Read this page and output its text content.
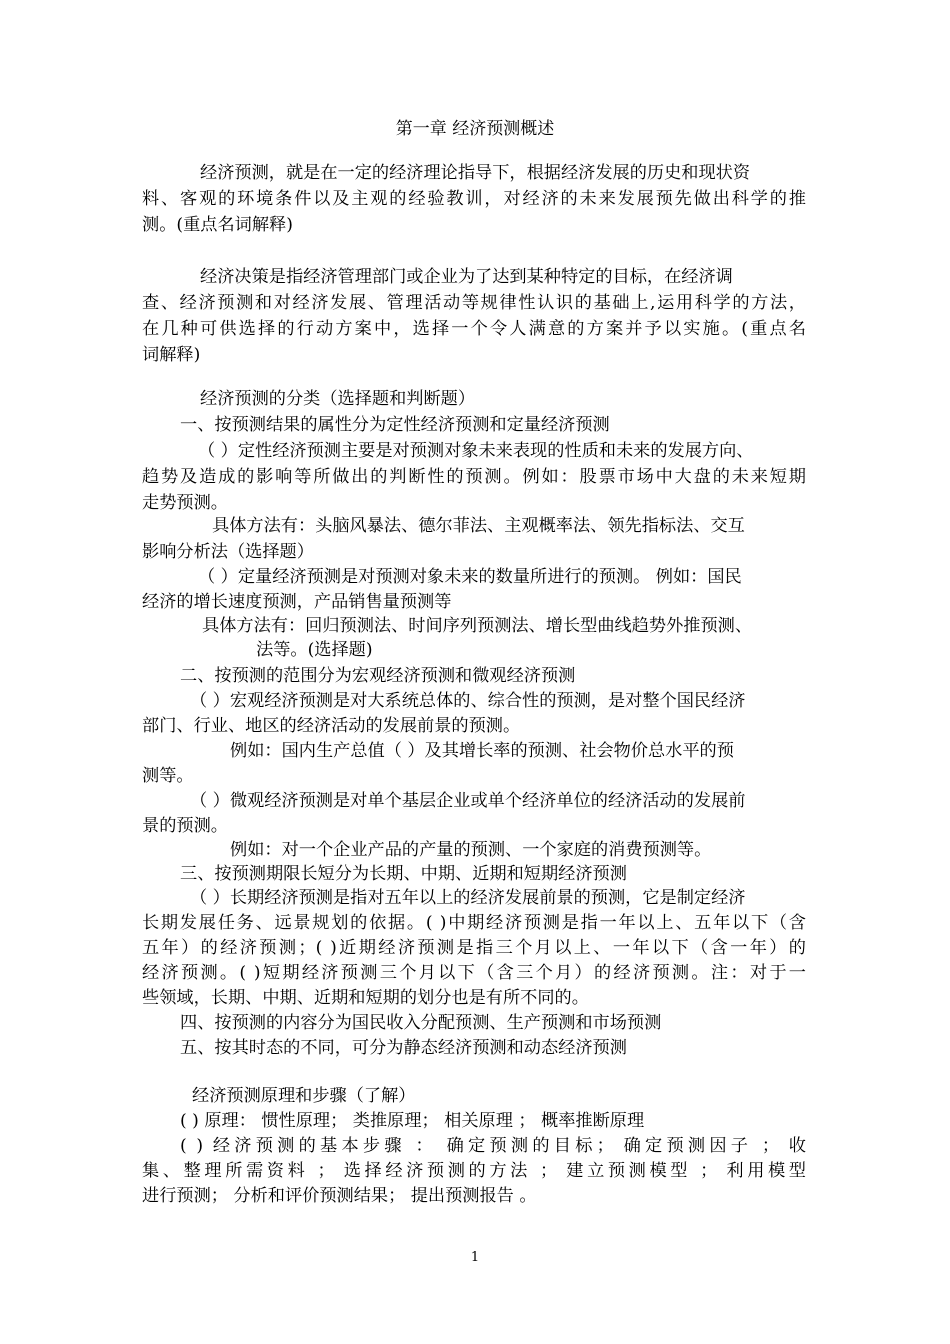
第一章 经济预测概述
经济预测，就是在一定的经济理论指导下，根据经济发展的历史和现状资
料、客观的环境条件以及主观的经验教训，对经济的未来发展预先做出科学的推
测。(重点名词解释)
经济决策是指经济管理部门或企业为了达到某种特定的目标，在经济调
查、经济预测和对经济发展、管理活动等规律性认识的基础上,运用科学的方法，
在几种可供选择的行动方案中，选择一个令人满意的方案并予以实施。(重点名
词解释)
经济预测的分类（选择题和判断题）
一、按预测结果的属性分为定性经济预测和定量经济预测
（ ）定性经济预测主要是对预测对象未来表现的性质和未来的发展方向、
趋势及造成的影响等所做出的判断性的预测。例如：股票市场中大盘的未来短期
走势预测。
具体方法有：头脑风暴法、德尔菲法、主观概率法、领先指标法、交互
影响分析法（选择题）
（ ）定量经济预测是对预测对象未来的数量所进行的预测。 例如：国民
经济的增长速度预测，产品销售量预测等
具体方法有：回归预测法、时间序列预测法、增长型曲线趋势外推预测、
法等。(选择题)
二、按预测的范围分为宏观经济预测和微观经济预测
（ ）宏观经济预测是对大系统总体的、综合性的预测，是对整个国民经济
部门、行业、地区的经济活动的发展前景的预测。
例如：国内生产总值（ ）及其增长率的预测、社会物价总水平的预
测等。
（ ）微观经济预测是对单个基层企业或单个经济单位的经济活动的发展前
景的预测。
例如：对一个企业产品的产量的预测、一个家庭的消费预测等。
三、按预测期限长短分为长期、中期、近期和短期经济预测
（ ）长期经济预测是指对五年以上的经济发展前景的预测，它是制定经济
长期发展任务、远景规划的依据。( )中期经济预测是指一年以上、五年以下（含
五年）的经济预测；( )近期经济预测是指三个月以上、一年以下（含一年）的
经济预测。( )短期经济预测三个月以下（含三个月）的经济预测。注：对于一
些领域，长期、中期、近期和短期的划分也是有所不同的。
四、按预测的内容分为国民收入分配预测、生产预测和市场预测
五、按其时态的不同，可分为静态经济预测和动态经济预测
经济预测原理和步骤（了解）
( ) 原理： 惯性原理； 类推原理； 相关原理 ； 概率推断原理
( ) 经济预测的基本步骤 ： 确定预测的目标； 确定预测因子 ； 收
集、整理所需资料 ； 选择经济预测的方法 ； 建立预测模型 ； 利用模型
进行预测； 分析和评价预测结果； 提出预测报告 。
1
